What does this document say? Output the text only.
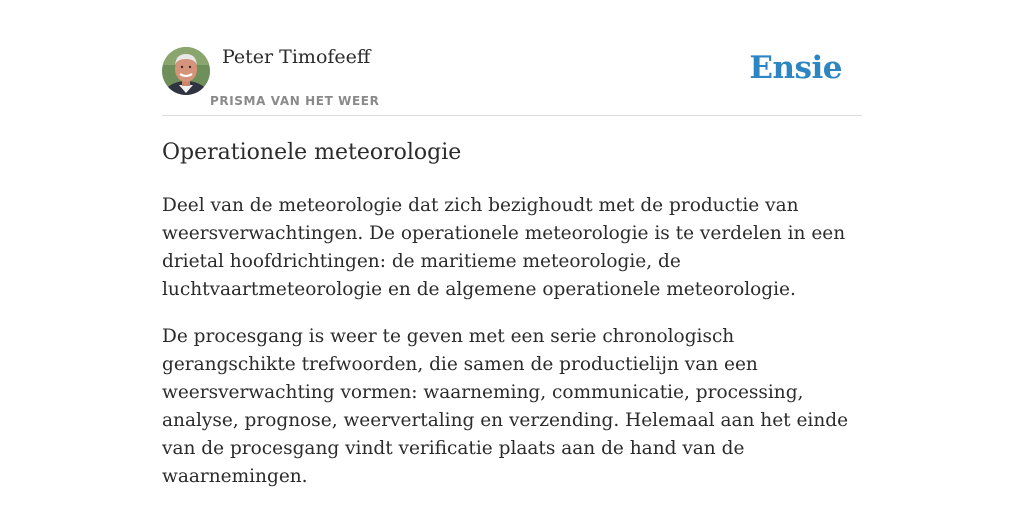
Peter Timofeeff
PRISMA VAN HET WEER
Ensie
Operationele meteorologie

Deel van de meteorologie dat zich bezighoudt met de productie van weersverwachtingen. De operationele meteorologie is te verdelen in een drietal hoofdrichtingen: de maritieme meteorologie, de luchtvaartmeteorologie en de algemene operationele meteorologie.

De procesgang is weer te geven met een serie chronologisch gerangschikte trefwoorden, die samen de productielijn van een weersverwachting vormen: waarneming, communicatie, processing, analyse, prognose, weervertaling en verzending. Helemaal aan het einde van de procesgang vindt verificatie plaats aan de hand van de waarnemingen.
